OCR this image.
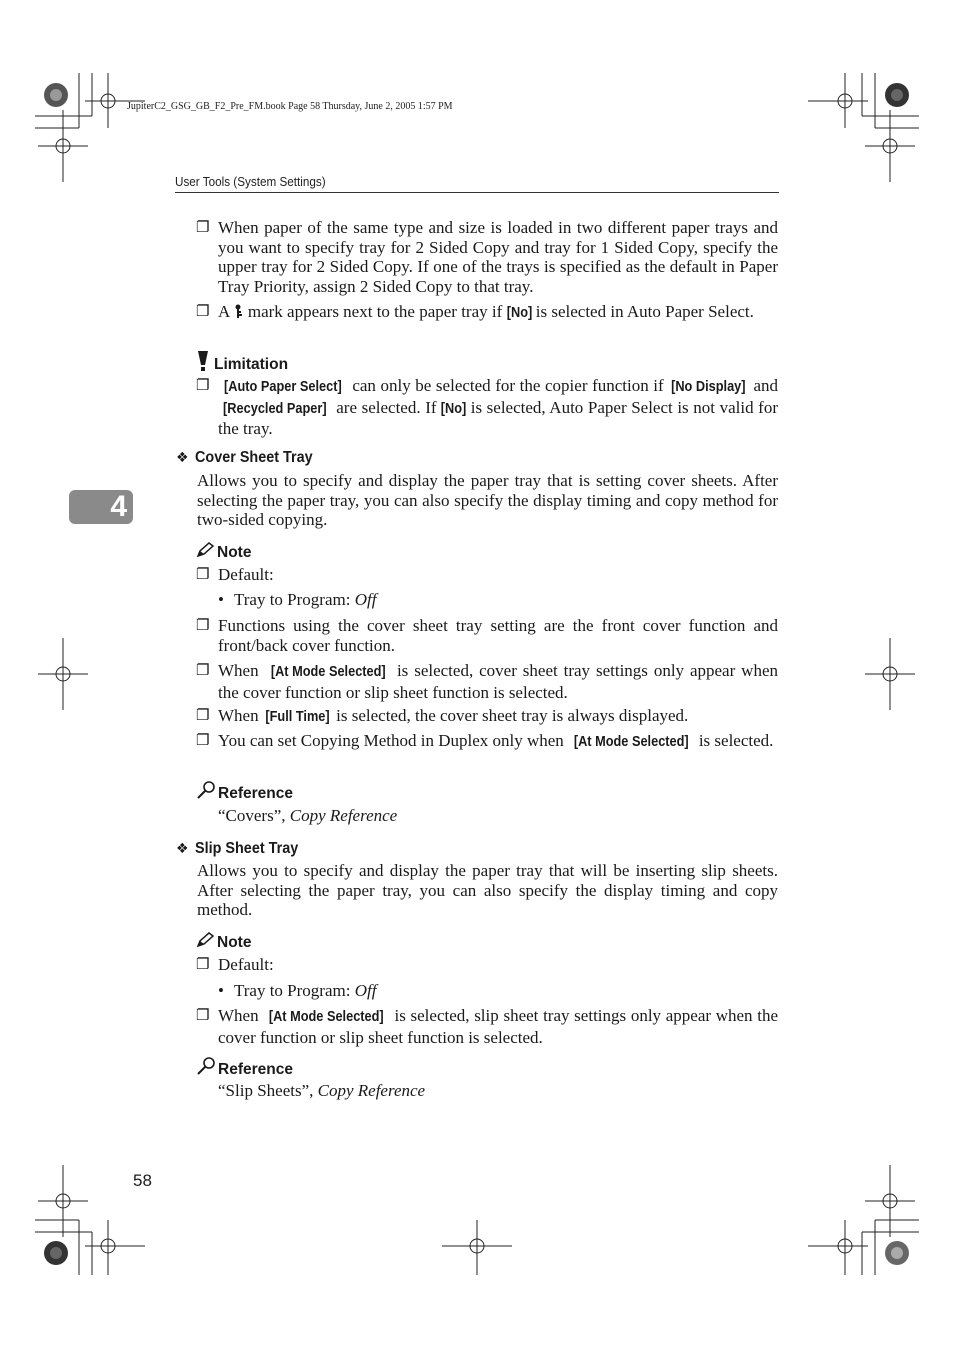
JupiterC2_GSG_GB_F2_Pre_FM.book Page 58 Thursday, June 2, 2005 1:57 PM
User Tools (System Settings)
4
❐ When paper of the same type and size is loaded in two different paper trays and you want to specify tray for 2 Sided Copy and tray for 1 Sided Copy, specify the upper tray for 2 Sided Copy. If one of the trays is specified as the default in Paper Tray Priority, assign 2 Sided Copy to that tray.

❐ A  mark appears next to the paper tray if [No] is selected in Auto Paper Select.

Limitation
❐	[Auto Paper Select] can only be selected for the copier function if [No Display] and [Recycled Paper] are selected. If [No] is selected, Auto Paper Select is not valid for the tray.

❖ Cover Sheet Tray

Allows you to specify and display the paper tray that is setting cover sheets. After selecting the paper tray, you can also specify the display timing and copy method for two-sided copying.

Note
❐ Default:

• Tray to Program: Off
❐ Functions using the cover sheet tray setting are the front cover function and front/back cover function.

❐ When [At Mode Selected] is selected, cover sheet tray settings only appear when the cover function or slip sheet function is selected.

❐ When [Full Time] is selected, the cover sheet tray is always displayed.

❐ You can set Copying Method in Duplex only when [At Mode Selected] is selected.

Reference
“Covers”, Copy Reference
❖ Slip Sheet Tray

Allows you to specify and display the paper tray that will be inserting slip sheets. After selecting the paper tray, you can also specify the display timing and copy method.

Note
❐ Default:

• Tray to Program: Off
❐ When [At Mode Selected] is selected, slip sheet tray settings only appear when the cover function or slip sheet function is selected.

Reference
“Slip Sheets”, Copy Reference
58
